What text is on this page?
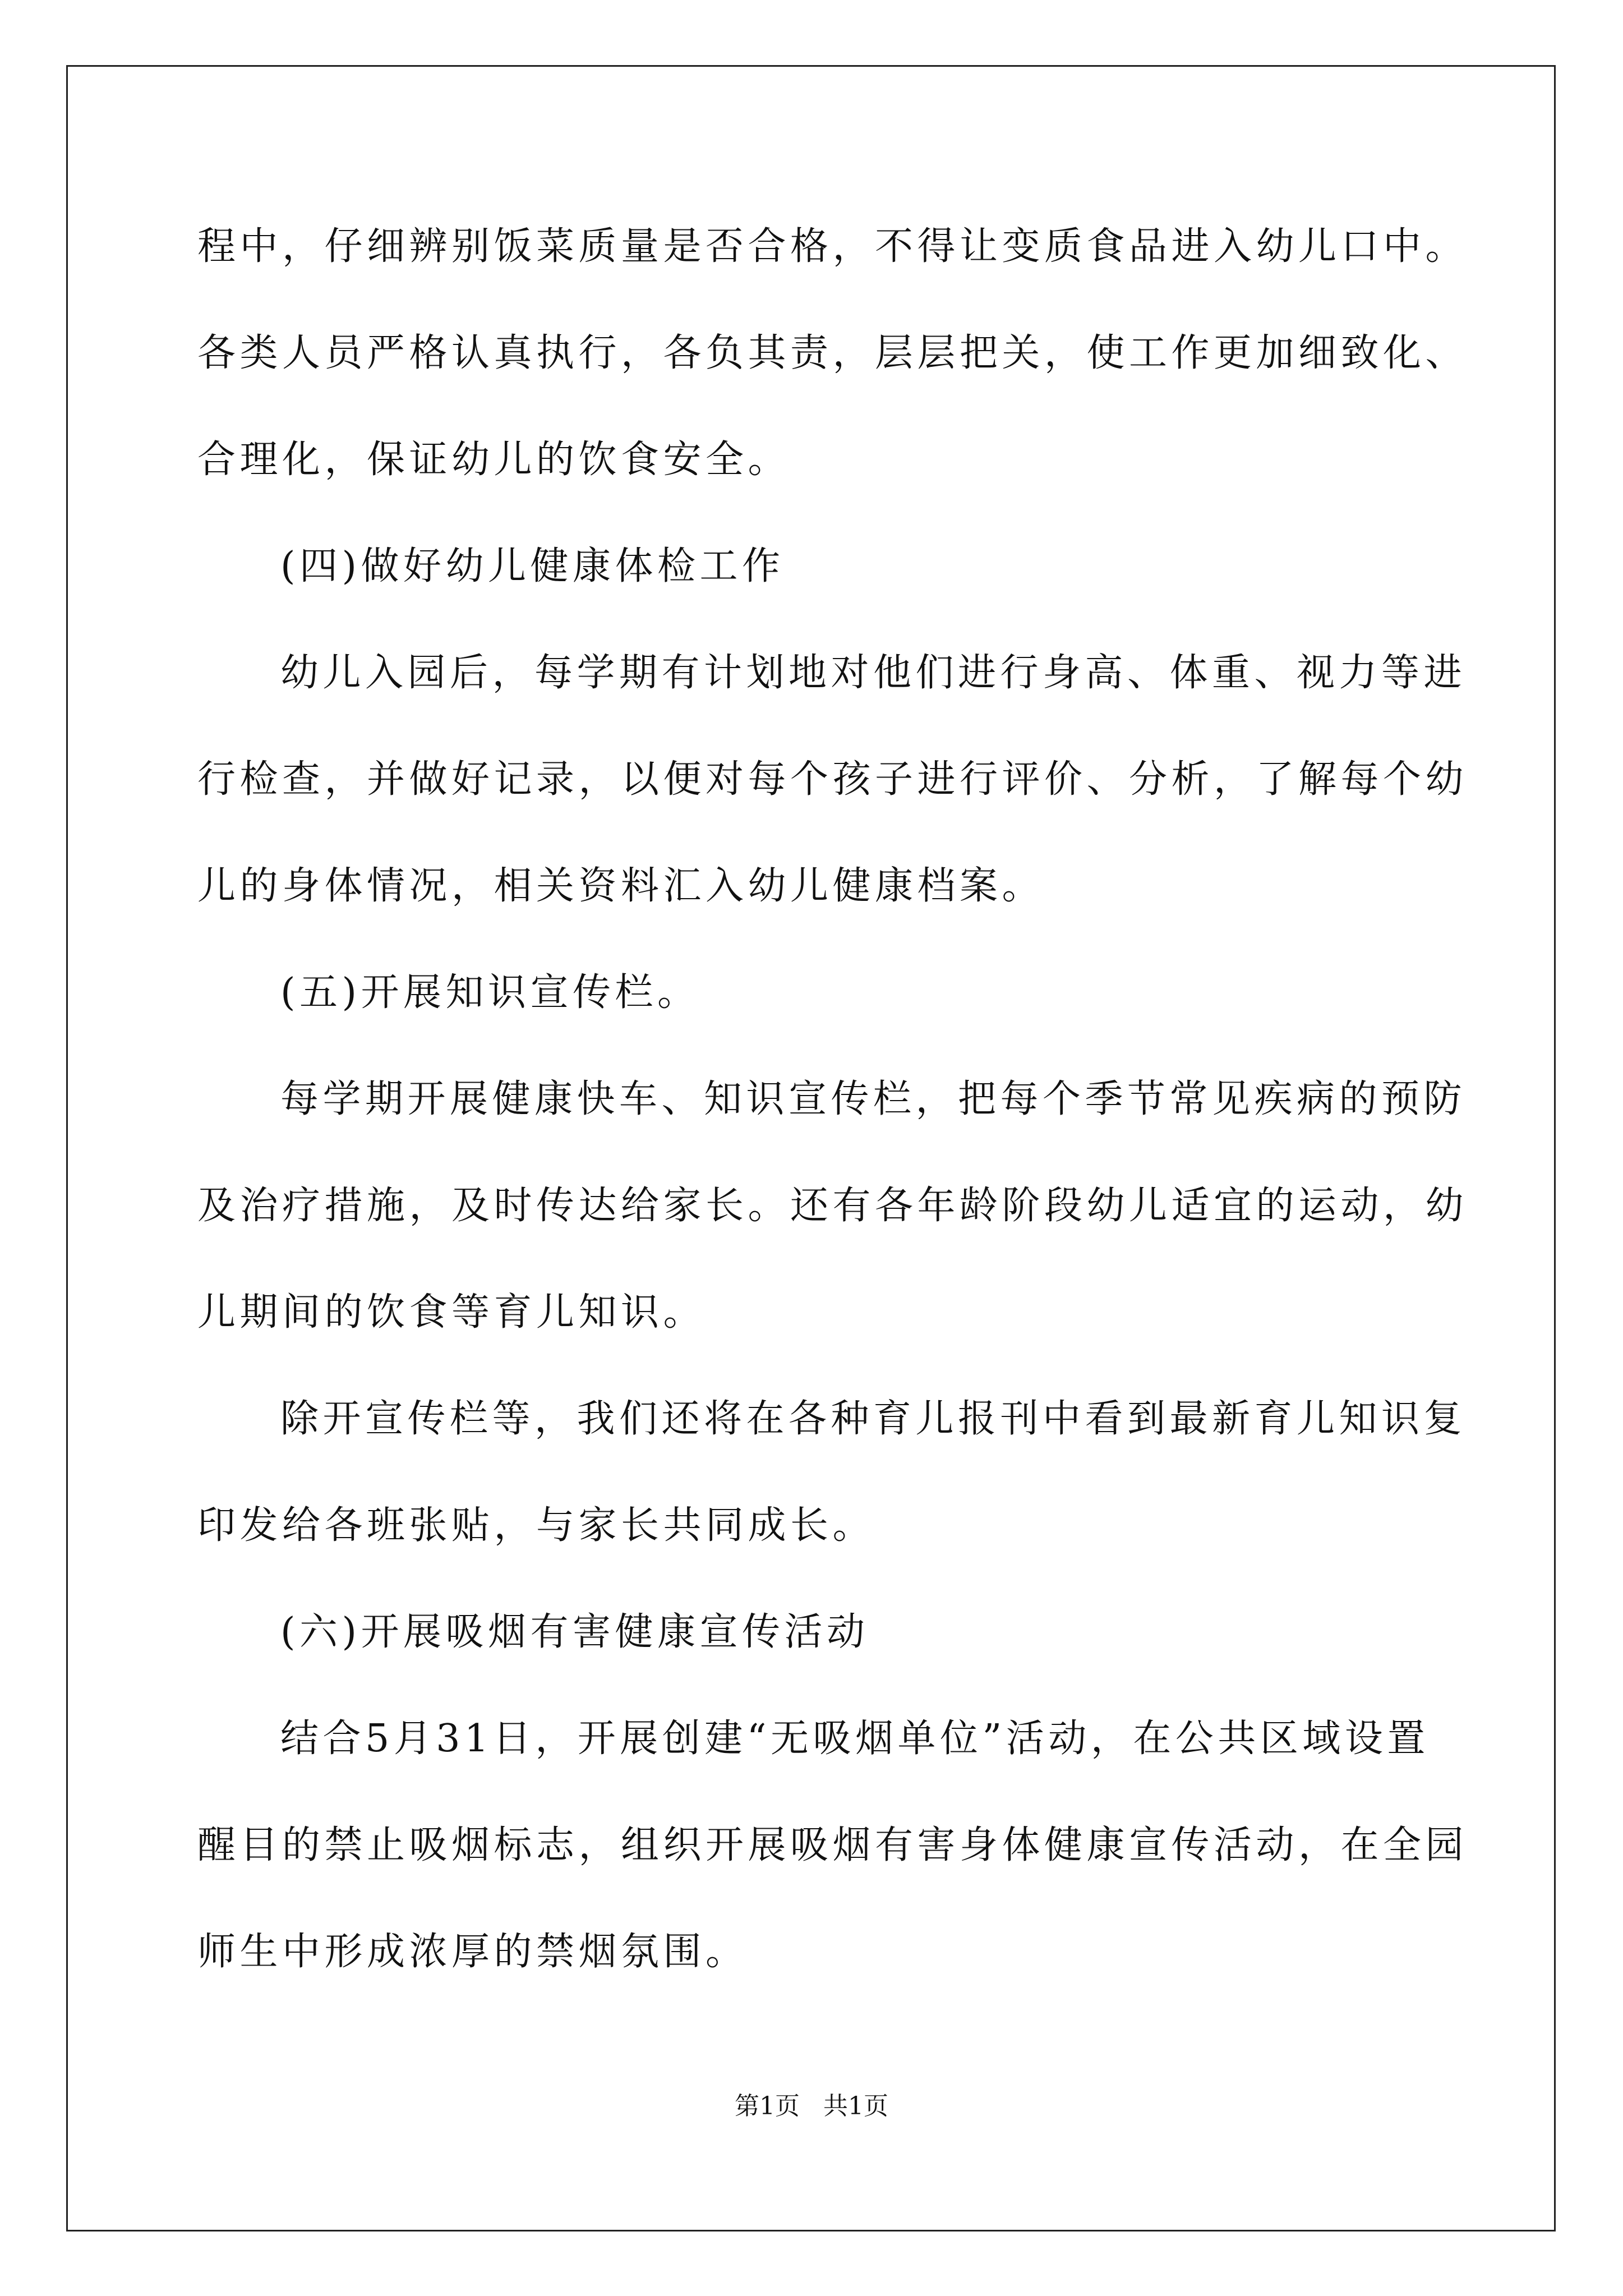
程中，仔细辨别饭菜质量是否合格，不得让变质食品进入幼儿口中。
各类人员严格认真执行，各负其责，层层把关，使工作更加细致化、
合理化，保证幼儿的饮食安全。
(四)做好幼儿健康体检工作
幼儿入园后，每学期有计划地对他们进行身高、体重、视力等进
行检查，并做好记录，以便对每个孩子进行评价、分析，了解每个幼
儿的身体情况，相关资料汇入幼儿健康档案。
(五)开展知识宣传栏。
每学期开展健康快车、知识宣传栏，把每个季节常见疾病的预防
及治疗措施，及时传达给家长。还有各年龄阶段幼儿适宜的运动，幼
儿期间的饮食等育儿知识。
除开宣传栏等，我们还将在各种育儿报刊中看到最新育儿知识复
印发给各班张贴，与家长共同成长。
(六)开展吸烟有害健康宣传活动
结合5月31日，开展创建“无吸烟单位”活动，在公共区域设置
醒目的禁止吸烟标志，组织开展吸烟有害身体健康宣传活动，在全园
师生中形成浓厚的禁烟氛围。
第1页   共1页
